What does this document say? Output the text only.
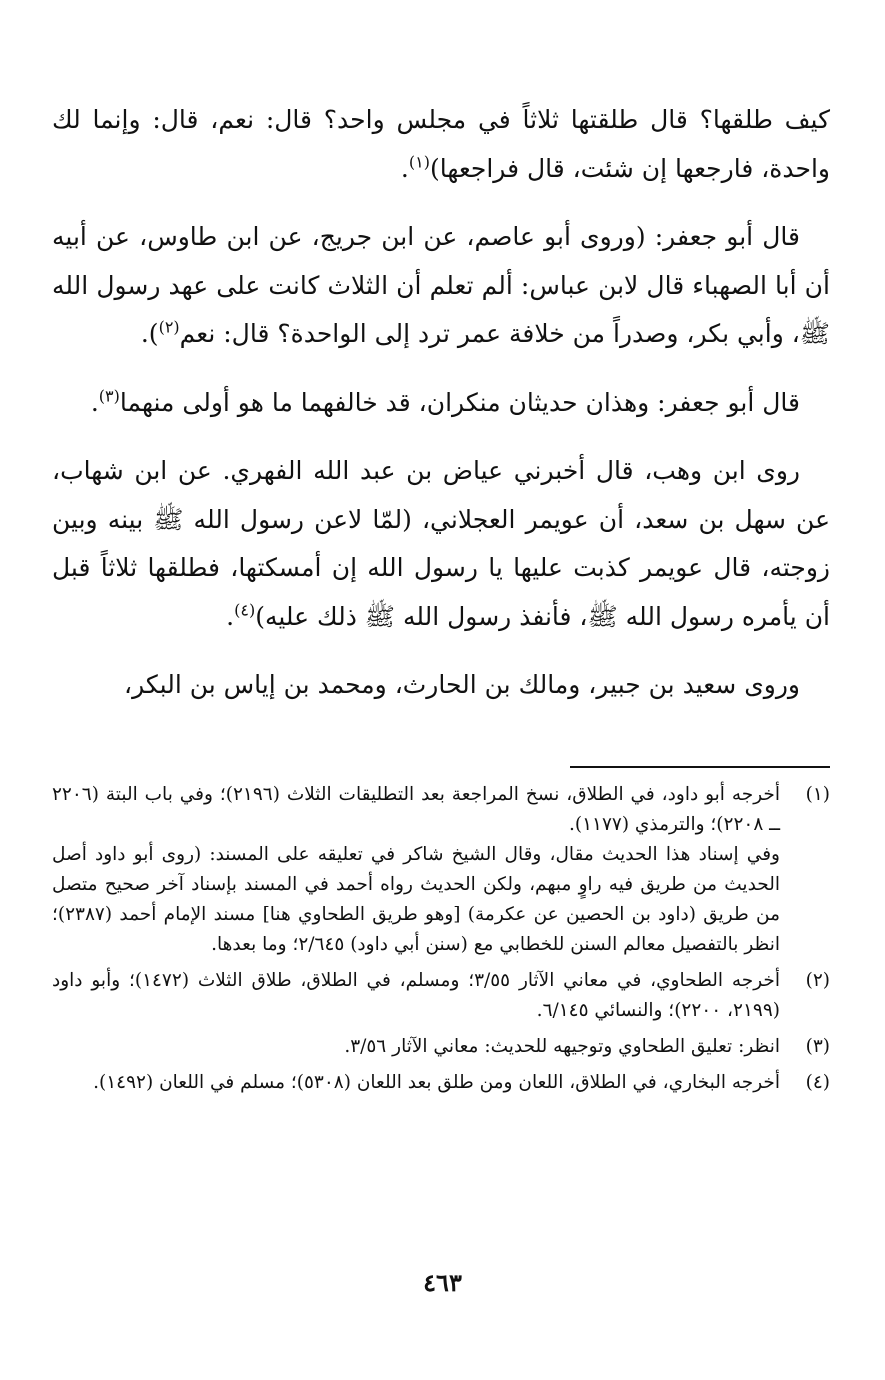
كيف طلقها؟ قال طلقتها ثلاثاً في مجلس واحد؟ قال: نعم، قال: وإنما لك واحدة، فارجعها إن شئت، قال فراجعها)$^{(١)}$.

قال أبو جعفر: (وروى أبو عاصم، عن ابن جريج، عن ابن طاوس، عن أبيه أن أبا الصهباء قال لابن عباس: ألم تعلم أن الثلاث كانت على عهد رسول الله ﷺ، وأبي بكر، وصدراً من خلافة عمر ترد إلى الواحدة؟ قال: نعم$^{(٢)}$).

قال أبو جعفر: وهذان حديثان منكران، قد خالفهما ما هو أولى منهما$^{(٣)}$.

روى ابن وهب، قال أخبرني عياض بن عبد الله الفهري. عن ابن شهاب، عن سهل بن سعد، أن عويمر العجلاني، (لمّا لاعن رسول الله ﷺ بينه وبين زوجته، قال عويمر كذبت عليها يا رسول الله إن أمسكتها، فطلقها ثلاثاً قبل أن يأمره رسول الله ﷺ، فأنفذ رسول الله ﷺ ذلك عليه)$^{(٤)}$.

وروى سعيد بن جبير، ومالك بن الحارث، ومحمد بن إياس بن البكر،

(١)
أخرجه أبو داود، في الطلاق، نسخ المراجعة بعد التطليقات الثلاث (٢١٩٦)؛ وفي باب البتة (٢٢٠٦ ــ ٢٢٠٨)؛ والترمذي (١١٧٧).
وفي إسناد هذا الحديث مقال، وقال الشيخ شاكر في تعليقه على المسند: (روى أبو داود أصل الحديث من طريق فيه راوٍ مبهم، ولكن الحديث رواه أحمد في المسند بإسناد آخر صحيح متصل من طريق (داود بن الحصين عن عكرمة) [وهو طريق الطحاوي هنا] مسند الإمام أحمد (٢٣٨٧)؛ انظر بالتفصيل معالم السنن للخطابي مع (سنن أبي داود) ٢/٦٤٥؛ وما بعدها.
(٢)
أخرجه الطحاوي، في معاني الآثار ٣/٥٥؛ ومسلم، في الطلاق، طلاق الثلاث (١٤٧٢)؛ وأبو داود (٢١٩٩، ٢٢٠٠)؛ والنسائي ٦/١٤٥.
(٣)
انظر: تعليق الطحاوي وتوجيهه للحديث: معاني الآثار ٣/٥٦.
(٤)
أخرجه البخاري، في الطلاق، اللعان ومن طلق بعد اللعان (٥٣٠٨)؛ مسلم في اللعان (١٤٩٢).
٤٦٣
